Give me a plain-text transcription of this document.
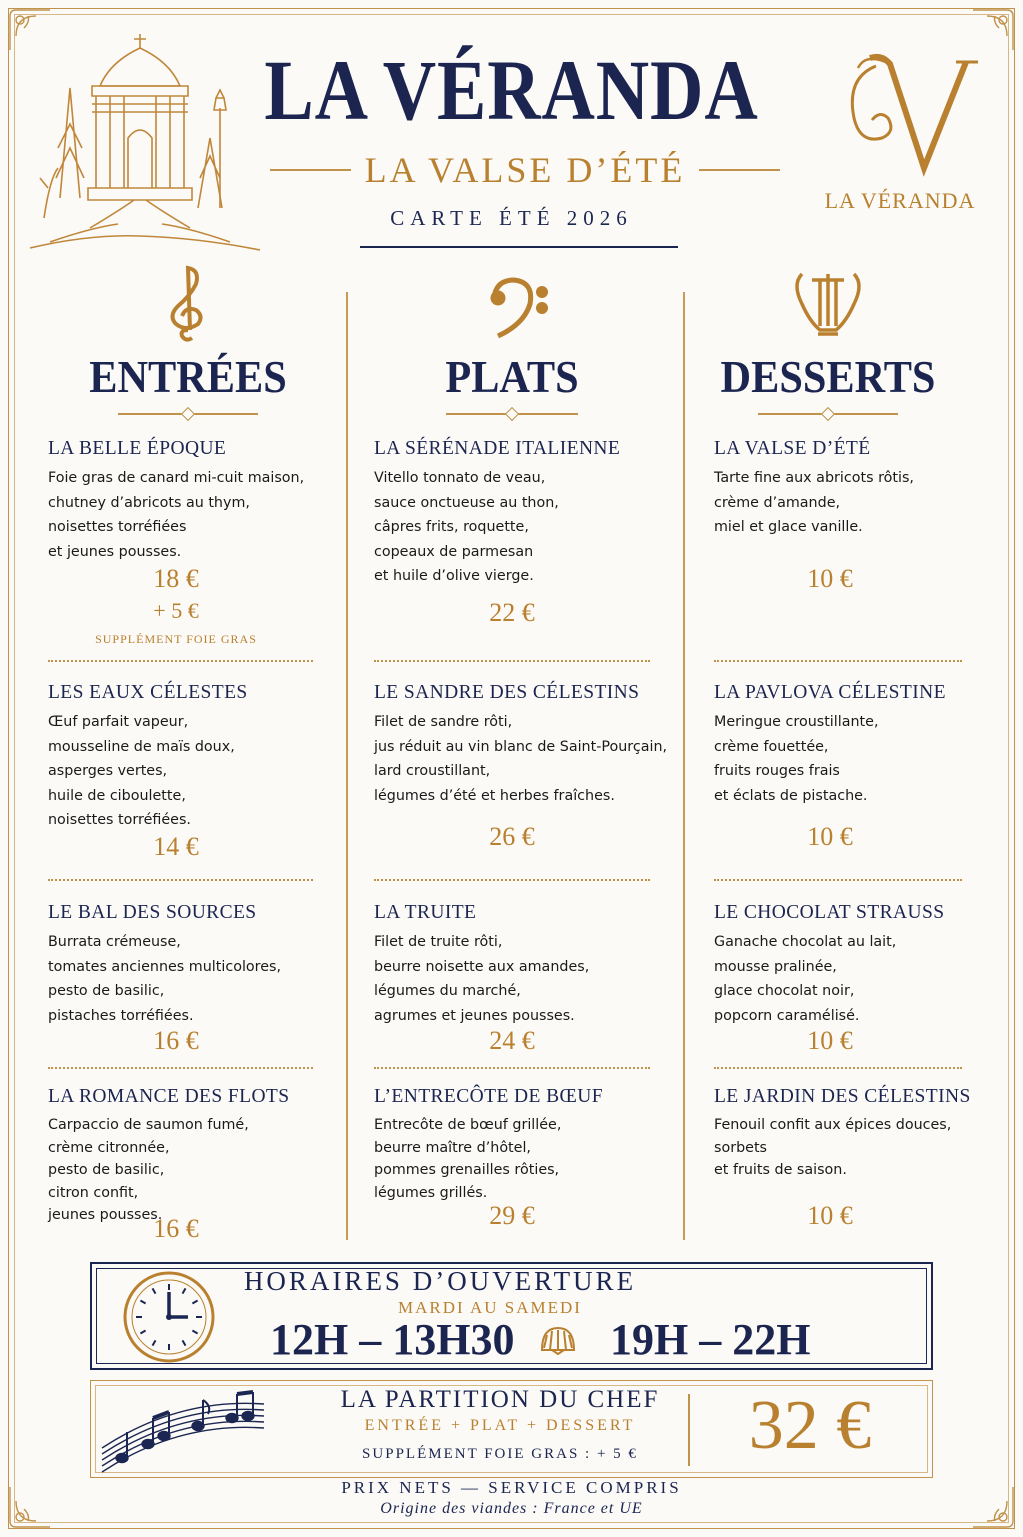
LA VÉRANDA
LA VALSE D’ÉTÉ
CARTE ÉTÉ 2026
LA VÉRANDA
ENTRÉES	PLATS	DESSERTS
LA BELLE ÉPOQUE
Foie gras de canard mi-cuit maison,
chutney d’abricots au thym,
noisettes torréfiées
et jeunes pousses.
18 €
+ 5 €
SUPPLÉMENT FOIE GRAS
LES EAUX CÉLESTES
Œuf parfait vapeur,
mousseline de maïs doux,
asperges vertes,
huile de ciboulette,
noisettes torréfiées.
14 €
LE BAL DES SOURCES
Burrata crémeuse,
tomates anciennes multicolores,
pesto de basilic,
pistaches torréfiées.
16 €
LA ROMANCE DES FLOTS
Carpaccio de saumon fumé,
crème citronnée,
pesto de basilic,
citron confit,
jeunes pousses.
16 €
LA SÉRÉNADE ITALIENNE
Vitello tonnato de veau,
sauce onctueuse au thon,
câpres frits, roquette,
copeaux de parmesan
et huile d’olive vierge.
22 €
LE SANDRE DES CÉLESTINS
Filet de sandre rôti,
jus réduit au vin blanc de Saint-Pourçain,
lard croustillant,
légumes d’été et herbes fraîches.
26 €
LA TRUITE
Filet de truite rôti,
beurre noisette aux amandes,
légumes du marché,
agrumes et jeunes pousses.
24 €
L’ENTRECÔTE DE BŒUF
Entrecôte de bœuf grillée,
beurre maître d’hôtel,
pommes grenailles rôties,
légumes grillés.
29 €
LA VALSE D’ÉTÉ
Tarte fine aux abricots rôtis,
crème d’amande,
miel et glace vanille.
10 €
LA PAVLOVA CÉLESTINE
Meringue croustillante,
crème fouettée,
fruits rouges frais
et éclats de pistache.
10 €
LE CHOCOLAT STRAUSS
Ganache chocolat au lait,
mousse pralinée,
glace chocolat noir,
popcorn caramélisé.
10 €
LE JARDIN DES CÉLESTINS
Fenouil confit aux épices douces,
sorbets
et fruits de saison.
10 €
HORAIRES D’OUVERTURE
MARDI AU SAMEDI
12H – 13H30 19H – 22H
LA PARTITION DU CHEF
ENTRÉE + PLAT + DESSERT
SUPPLÉMENT FOIE GRAS : + 5 €	32 €
PRIX NETS — SERVICE COMPRIS
Origine des viandes : France et UE
